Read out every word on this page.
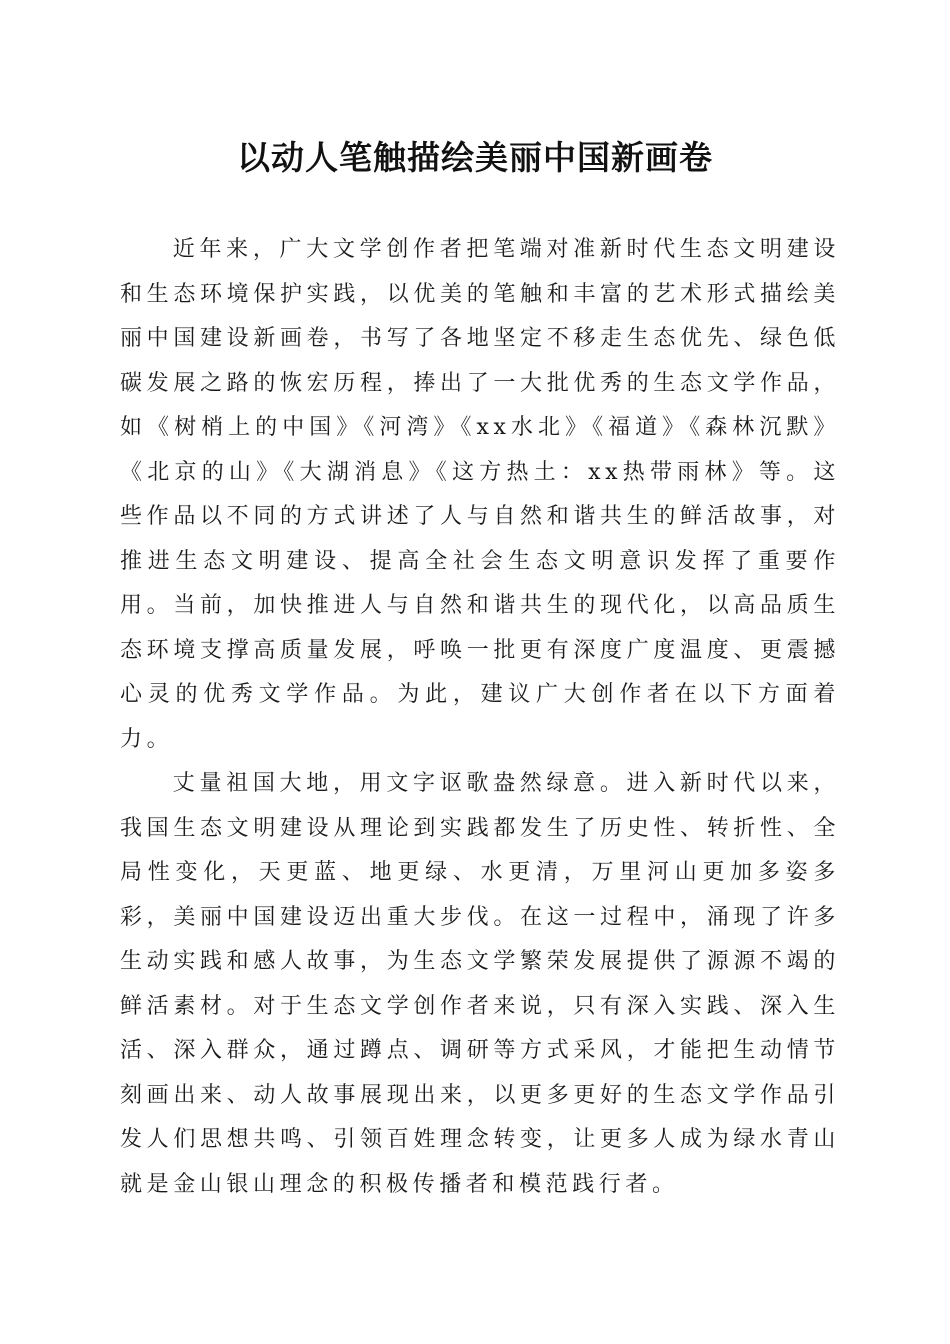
以动人笔触描绘美丽中国新画卷

近年来，广大文学创作者把笔端对准新时代生态文明建设和生态环境保护实践，以优美的笔触和丰富的艺术形式描绘美丽中国建设新画卷，书写了各地坚定不移走生态优先、绿色低碳发展之路的恢宏历程，捧出了一大批优秀的生态文学作品，如《树梢上的中国》《河湾》《xx水北》《福道》《森林沉默》《北京的山》《大湖消息》《这方热土：xx热带雨林》等。这些作品以不同的方式讲述了人与自然和谐共生的鲜活故事，对推进生态文明建设、提高全社会生态文明意识发挥了重要作用。当前，加快推进人与自然和谐共生的现代化，以高品质生态环境支撑高质量发展，呼唤一批更有深度广度温度、更震撼心灵的优秀文学作品。为此，建议广大创作者在以下方面着力。

丈量祖国大地，用文字讴歌盎然绿意。进入新时代以来，我国生态文明建设从理论到实践都发生了历史性、转折性、全局性变化，天更蓝、地更绿、水更清，万里河山更加多姿多彩，美丽中国建设迈出重大步伐。在这一过程中，涌现了许多生动实践和感人故事，为生态文学繁荣发展提供了源源不竭的鲜活素材。对于生态文学创作者来说，只有深入实践、深入生活、深入群众，通过蹲点、调研等方式采风，才能把生动情节刻画出来、动人故事展现出来，以更多更好的生态文学作品引发人们思想共鸣、引领百姓理念转变，让更多人成为绿水青山就是金山银山理念的积极传播者和模范践行者。
